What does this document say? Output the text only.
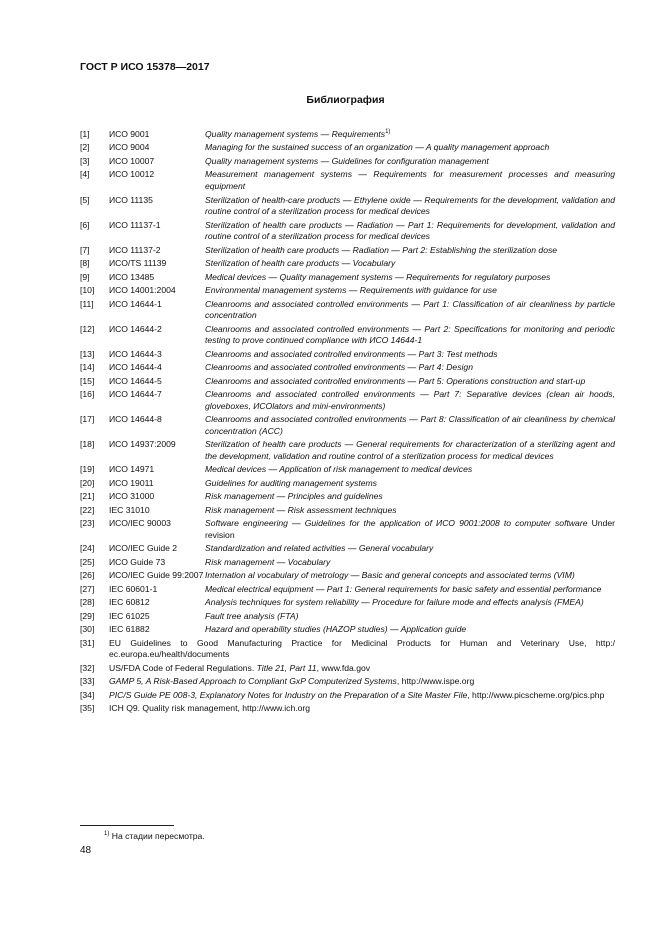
ГОСТ Р ИСО 15378—2017
Библиография
[1]	ИСО 9001	Quality management systems — Requirements$^{1)}$
[2]	ИСО 9004	Managing for the sustained success of an organization — A quality management approach
[3]	ИСО 10007	Quality management systems — Guidelines for configuration management
[4]	ИСО 10012	Measurement management systems — Requirements for measurement processes and measuring equipment
[5]	ИСО 11135	Sterilization of health-care products — Ethylene oxide — Requirements for the development, validation and routine control of a sterilization process for medical devices
[6]	ИСО 11137-1	Sterilization of health care products — Radiation — Part 1: Requirements for development, validation and routine control of a sterilization process for medical devices
[7]	ИСО 11137-2	Sterilization of health care products — Radiation — Part 2: Establishing the sterilization dose
[8]	ИСО/TS 11139	Sterilization of health care products — Vocabulary
[9]	ИСО 13485	Medical devices — Quality management systems — Requirements for regulatory purposes
[10]	ИСО 14001:2004	Environmental management systems — Requirements with guidance for use
[11]	ИСО 14644-1	Cleanrooms and associated controlled environments — Part 1: Classification of air cleanliness by particle concentration
[12]	ИСО 14644-2	Cleanrooms and associated controlled environments — Part 2: Specifications for monitoring and periodic testing to prove continued compliance with ИСО 14644-1
[13]	ИСО 14644-3	Cleanrooms and associated controlled environments — Part 3: Test methods
[14]	ИСО 14644-4	Cleanrooms and associated controlled environments — Part 4: Design
[15]	ИСО 14644-5	Cleanrooms and associated controlled environments — Part 5: Operations construction and start-up
[16]	ИСО 14644-7	Cleanrooms and associated controlled environments — Part 7: Separative devices (clean air hoods, gloveboxes, ИСОlators and mini-environments)
[17]	ИСО 14644-8	Cleanrooms and associated controlled environments — Part 8: Classification of air cleanliness by chemical concentration (ACC)
[18]	ИСО 14937:2009	Sterilization of health care products — General requirements for characterization of a sterilizing agent and the development, validation and routine control of a sterilization process for medical devices
[19]	ИСО 14971	Medical devices — Application of risk management to medical devices
[20]	ИСО 19011	Guidelines for auditing management systems
[21]	ИСО 31000	Risk management — Principles and guidelines
[22]	IEC 31010	Risk management — Risk assessment techniques
[23]	ИСО/IEC 90003	Software engineering — Guidelines for the application of ИСО 9001:2008 to computer software Under revision
[24]	ИСО/IEC Guide 2	Standardization and related activities — General vocabulary
[25]	ИСО Guide 73	Risk management — Vocabulary
[26]	ИСО/IEC Guide 99:2007 Internation al vocabulary of metrology — Basic and general concepts and associated terms (VIM)
[27]	IEC 60601-1	Medical electrical equipment — Part 1: General requirements for basic safety and essential performance
[28]	IEC 60812	Analysis techniques for system reliability — Procedure for failure mode and effects analysis (FMEA)
[29]	IEC 61025	Fault tree analysis (FTA)
[30]	IEC 61882	Hazard and operability studies (HAZOP studies) — Application guide
[31]	EU Guidelines to Good Manufacturing Practice for Medicinal Products for Human and Veterinary Use, http:/ ec.europa.eu/health/documents
[32]	US/FDA Code of Federal Regulations. Title 21, Part 11, www.fda.gov
[33]	GAMP 5, A Risk-Based Approach to Compliant GxP Computerized Systems, http://www.ispe.org
[34]	PIC/S Guide PE 008-3, Explanatory Notes for Industry on the Preparation of a Site Master File, http://www.picscheme.org/pics.php
[35]	ICH Q9. Quality risk management, http://www.ich.org
$^{1)}$ На стадии пересмотра.
48
